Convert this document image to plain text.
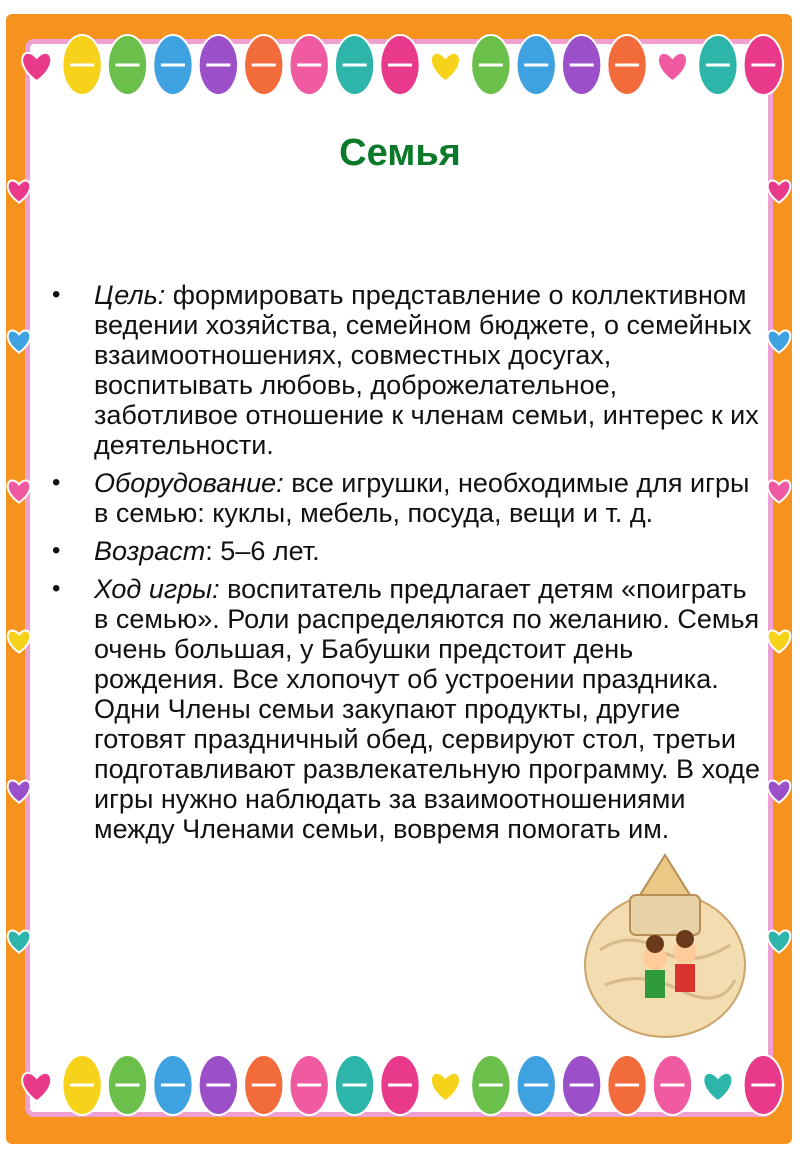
Семья
• Цель: формировать представление о коллективном ведении хозяйства, семейном бюджете, о семейных взаимоотношениях, совместных досугах, воспитывать любовь, доброжелательное, заботливое отношение к членам семьи, интерес к их деятельности.
• Оборудование: все игрушки, необходимые для игры в семью: куклы, мебель, посуда, вещи и т. д.
• Возраст: 5–6 лет.
• Ход игры: воспитатель предлагает детям «поиграть в семью». Роли распределяются по желанию. Семья очень большая, у Бабушки предстоит день рождения. Все хлопочут об устроении праздника. Одни Члены семьи закупают продукты, другие готовят праздничный обед, сервируют стол, третьи подготавливают развлекательную программу. В ходе игры нужно наблюдать за взаимоотношениями между Членами семьи, вовремя помогать им.
